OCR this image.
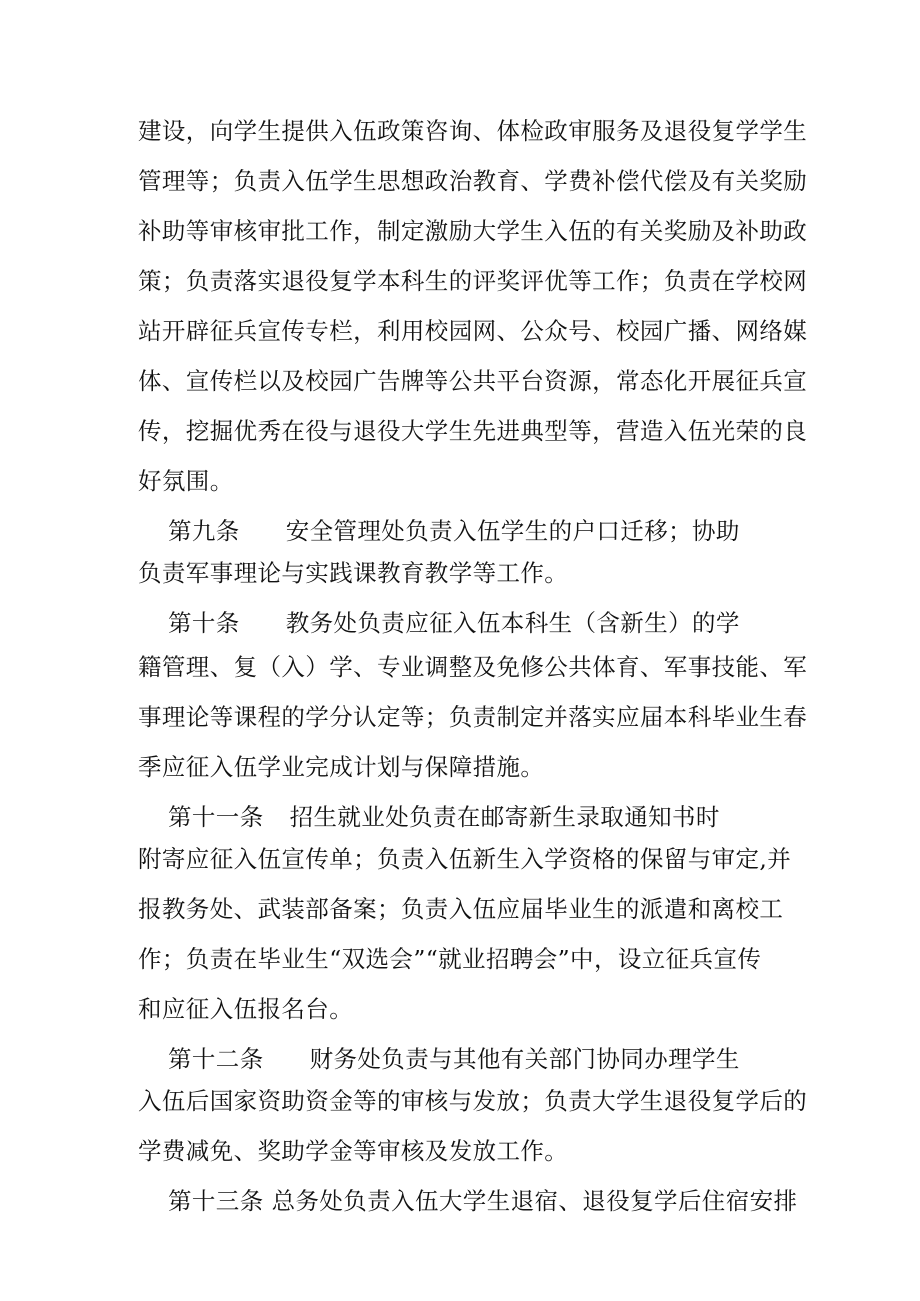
建设，向学生提供入伍政策咨询、体检政审服务及退役复学学生
管理等；负责入伍学生思想政治教育、学费补偿代偿及有关奖励
补助等审核审批工作，制定激励大学生入伍的有关奖励及补助政
策；负责落实退役复学本科生的评奖评优等工作；负责在学校网
站开辟征兵宣传专栏，利用校园网、公众号、校园广播、网络媒
体、宣传栏以及校园广告牌等公共平台资源，常态化开展征兵宣
传，挖掘优秀在役与退役大学生先进典型等，营造入伍光荣的良
好氛围。
第九条 安全管理处负责入伍学生的户口迁移；协助
负责军事理论与实践课教育教学等工作。
第十条 教务处负责应征入伍本科生（含新生）的学
籍管理、复（入）学、专业调整及免修公共体育、军事技能、军
事理论等课程的学分认定等；负责制定并落实应届本科毕业生春
季应征入伍学业完成计划与保障措施。
第十一条 招生就业处负责在邮寄新生录取通知书时
附寄应征入伍宣传单；负责入伍新生入学资格的保留与审定,并
报教务处、武装部备案；负责入伍应届毕业生的派遣和离校工
作；负责在毕业生“双选会”“就业招聘会”中，设立征兵宣传
和应征入伍报名台。
第十二条 财务处负责与其他有关部门协同办理学生
入伍后国家资助资金等的审核与发放；负责大学生退役复学后的
学费减免、奖助学金等审核及发放工作。
第十三条 总务处负责入伍大学生退宿、退役复学后住宿安排
